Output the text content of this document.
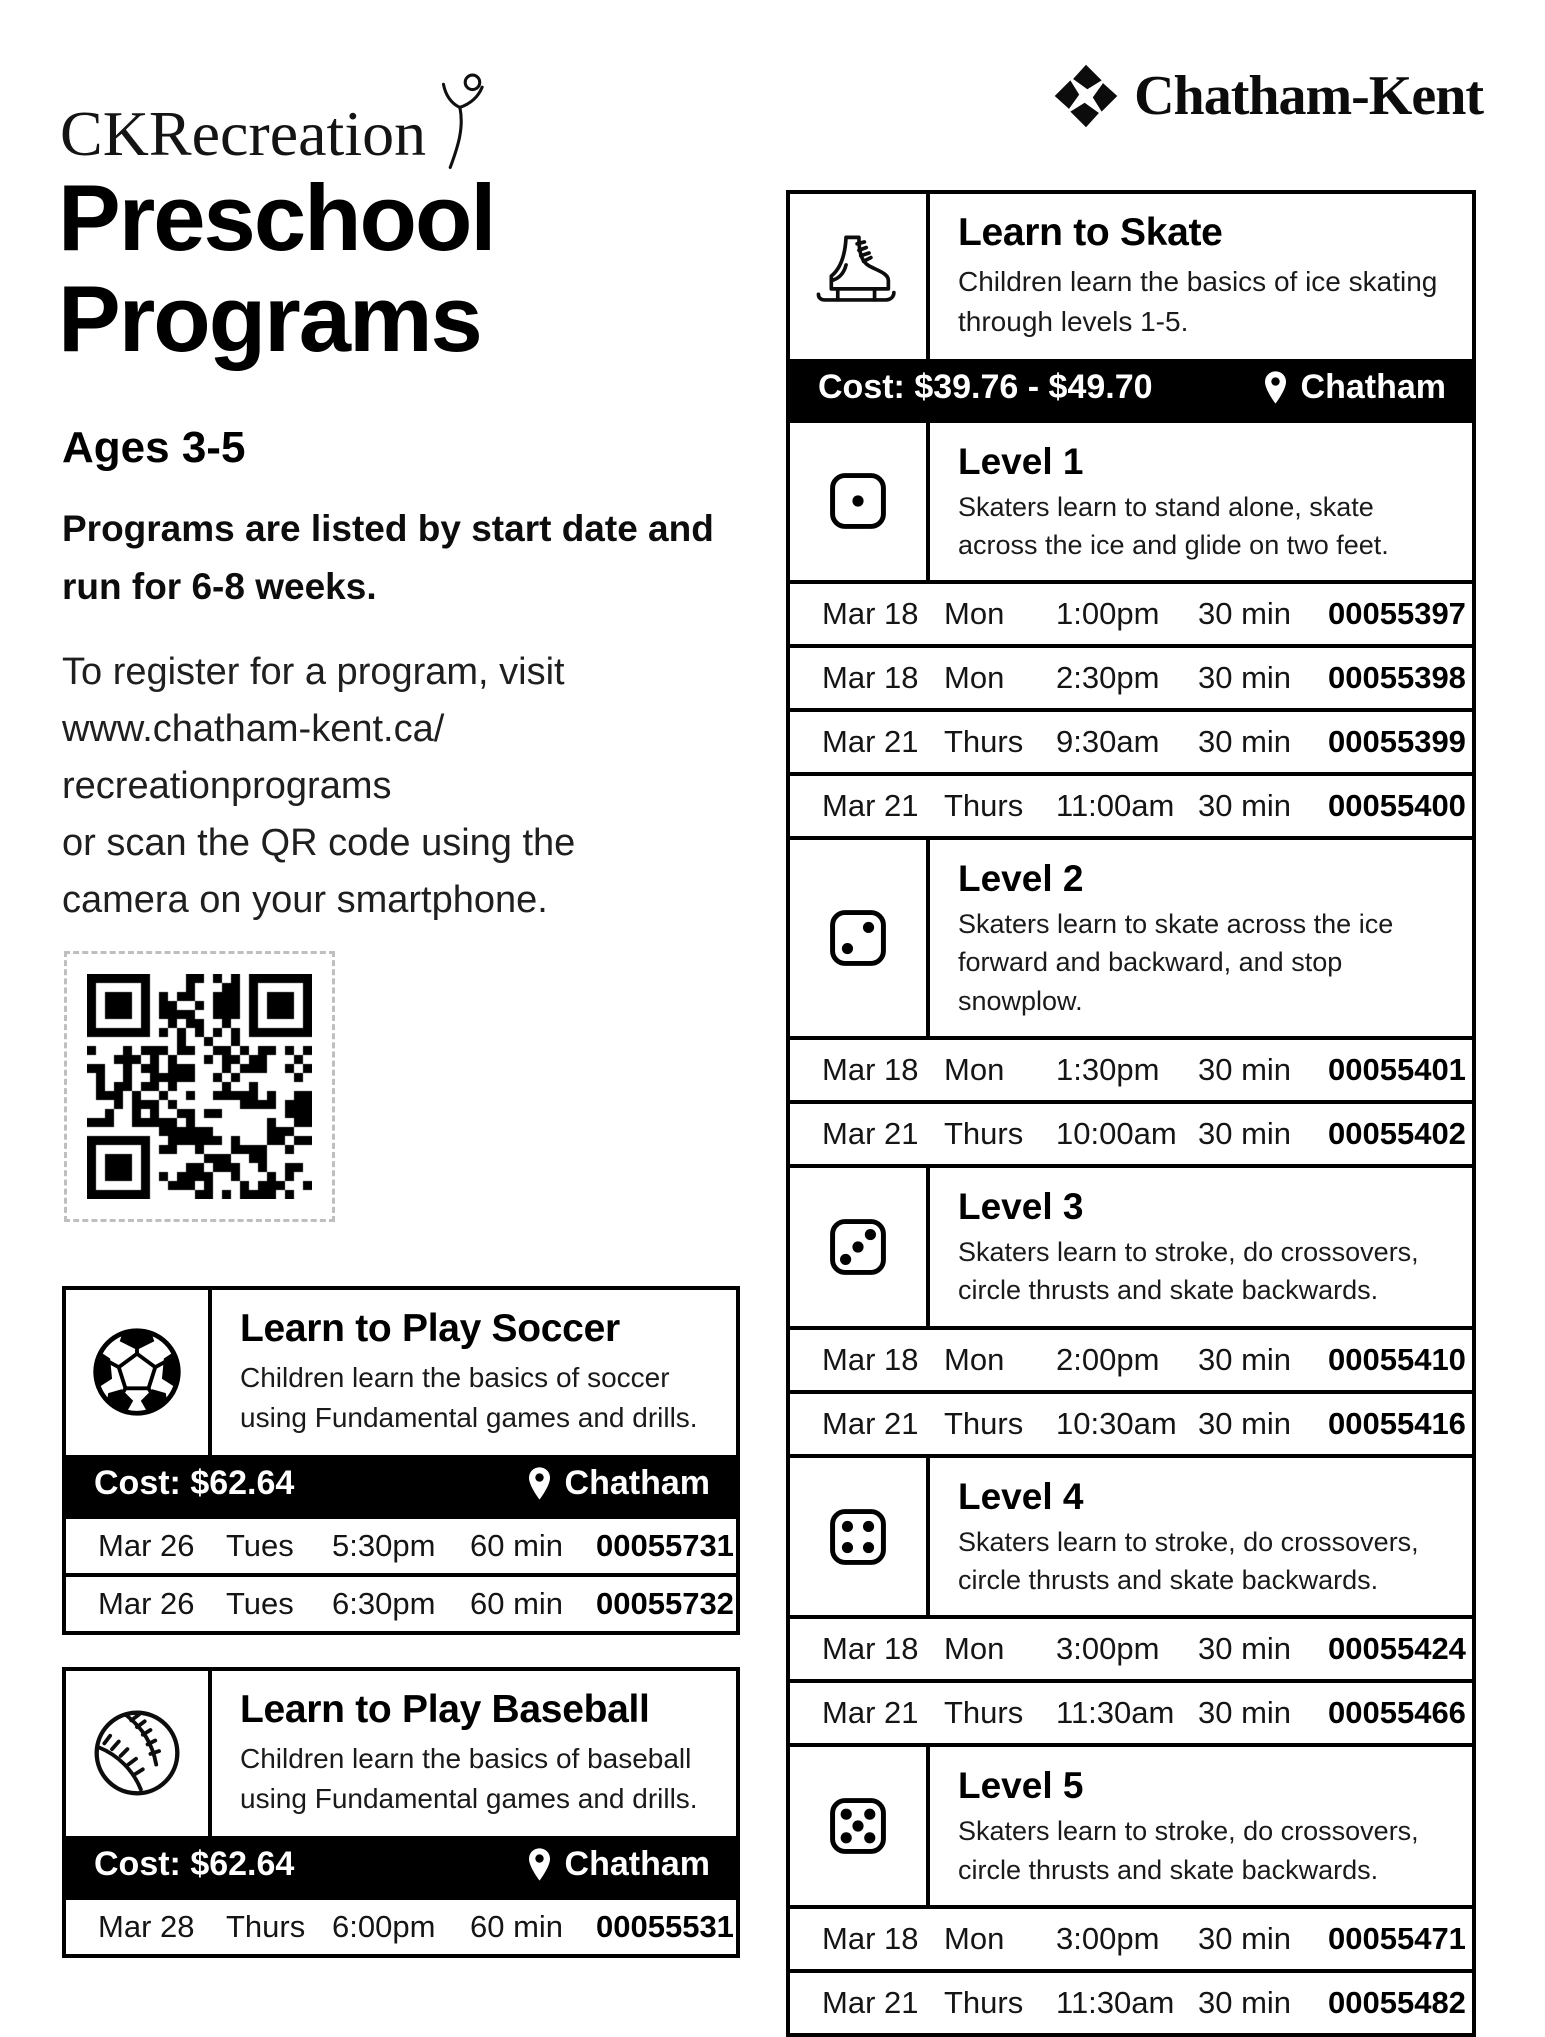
CKRecreation
Chatham-Kent
Preschool
Programs
Ages 3-5
Programs are listed by start date and run for 6-8 weeks.
To register for a program, visit
www.chatham-kent.ca/
recreationprograms
or scan the QR code using the
camera on your smartphone.
Learn to Play Soccer

Children learn the basics of soccer using Fundamental games and drills.

Cost: $62.64	Chatham
Mar 26	Tues	5:30pm	60 min	00055731
Mar 26	Tues	6:30pm	60 min	00055732
Learn to Play Baseball

Children learn the basics of baseball using Fundamental games and drills.

Cost: $62.64	Chatham
Mar 28	Thurs 6:00pm	60 min	00055531
Learn to Skate

Children learn the basics of ice skating through levels 1-5.

Cost: $39.76 - $49.70	Chatham
Level 1

Skaters learn to stand alone, skate across the ice and glide on two feet.

Mar 18 Mon	1:00pm	30 min	00055397
Mar 18 Mon	2:30pm	30 min	00055398
Mar 21 Thurs	9:30am	30 min	00055399
Mar 21 Thurs	11:00am 30 min	00055400
Level 2

Skaters learn to skate across the ice forward and backward, and stop snowplow.

Mar 18 Mon	1:30pm	30 min	00055401
Mar 21 Thurs	10:00am 30 min	00055402
Level 3

Skaters learn to stroke, do crossovers, circle thrusts and skate backwards.

Mar 18 Mon	2:00pm	30 min	00055410
Mar 21 Thurs	10:30am 30 min	00055416
Level 4

Skaters learn to stroke, do crossovers, circle thrusts and skate backwards.

Mar 18 Mon	3:00pm	30 min	00055424
Mar 21 Thurs	11:30am 30 min	00055466
Level 5

Skaters learn to stroke, do crossovers, circle thrusts and skate backwards.

Mar 18 Mon	3:00pm	30 min	00055471
Mar 21 Thurs	11:30am 30 min	00055482
